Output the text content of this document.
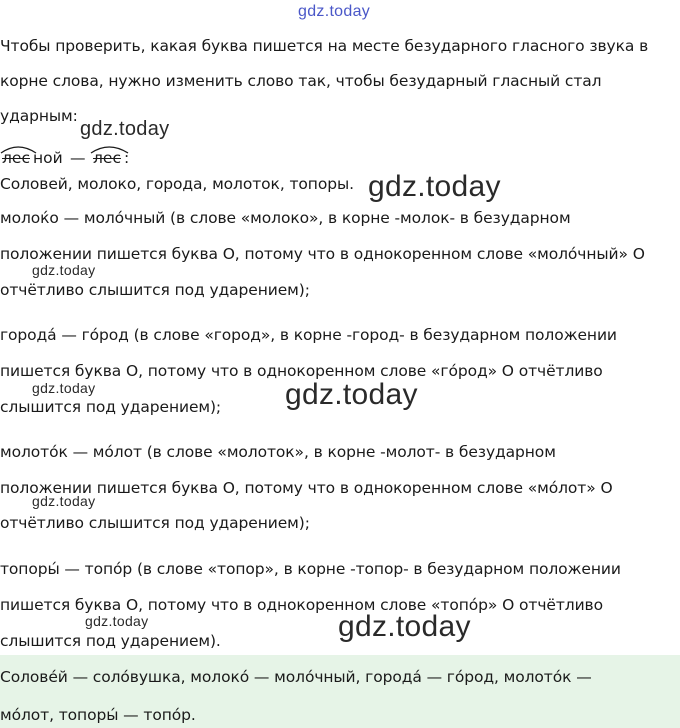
gdz.today
Чтобы проверить, какая буква пишется на месте безударного гласного звука в
корне слова, нужно изменить слово так, чтобы безударный гласный стал
ударным:
gdz.today
лес ной — лес :
Соловей, молоко, города, молоток, топоры. gdz.today
молоќо — моло́чный (в слове «молоко», в корне -молок- в безударном
положении пишется буква О, потому что в однокоренном слове «моло́чный» О
gdz.today
отчётливо слышится под ударением);
города́ — го́род (в слове «город», в корне -город- в безударном положении
пишется буква О, потому что в однокоренном слове «го́род» О отчётливо
gdz.today
слышится под ударением); gdz.today
молото́к — мо́лот (в слове «молоток», в корне -молот- в безударном
положении пишется буква О, потому что в однокоренном слове «мо́лот» О
gdz.today
отчётливо слышится под ударением);
топоры́ — топо́р (в слове «топор», в корне -топор- в безударном положении
пишется буква О, потому что в однокоренном слове «топо́р» О отчётливо
gdz.today
слышится под ударением).	gdz.today
Солове́й — соло́вушка, молоко́ — моло́чный, города́ — го́род, молото́к —
мо́лот, топоры́ — топо́р.
